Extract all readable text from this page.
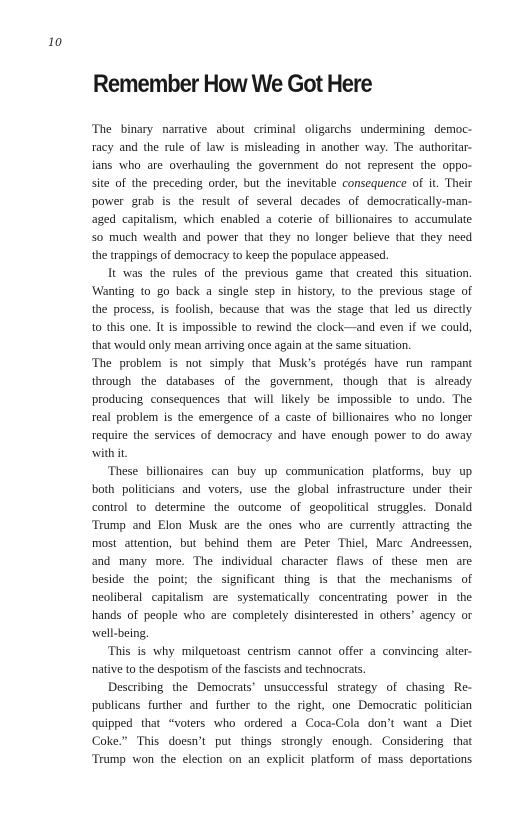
10
Remember How We Got Here
The binary narrative about criminal oligarchs undermining democ-
racy and the rule of law is misleading in another way. The authoritar-
ians who are overhauling the government do not represent the oppo-
site of the preceding order, but the inevitable consequence of it. Their
power grab is the result of several decades of democratically-man-
aged capitalism, which enabled a coterie of billionaires to accumulate
so much wealth and power that they no longer believe that they need
the trappings of democracy to keep the populace appeased.
It was the rules of the previous game that created this situation.
Wanting to go back a single step in history, to the previous stage of
the process, is foolish, because that was the stage that led us directly
to this one. It is impossible to rewind the clock—and even if we could,
that would only mean arriving once again at the same situation.
The problem is not simply that Musk’s protégés have run rampant
through the databases of the government, though that is already
producing consequences that will likely be impossible to undo. The
real problem is the emergence of a caste of billionaires who no longer
require the services of democracy and have enough power to do away
with it.
These billionaires can buy up communication platforms, buy up
both politicians and voters, use the global infrastructure under their
control to determine the outcome of geopolitical struggles. Donald
Trump and Elon Musk are the ones who are currently attracting the
most attention, but behind them are Peter Thiel, Marc Andreessen,
and many more. The individual character flaws of these men are
beside the point; the significant thing is that the mechanisms of
neoliberal capitalism are systematically concentrating power in the
hands of people who are completely disinterested in others’ agency or
well-being.
This is why milquetoast centrism cannot offer a convincing alter-
native to the despotism of the fascists and technocrats.
Describing the Democrats’ unsuccessful strategy of chasing Re-
publicans further and further to the right, one Democratic politician
quipped that “voters who ordered a Coca-Cola don’t want a Diet
Coke.” This doesn’t put things strongly enough. Considering that
Trump won the election on an explicit platform of mass deportations
